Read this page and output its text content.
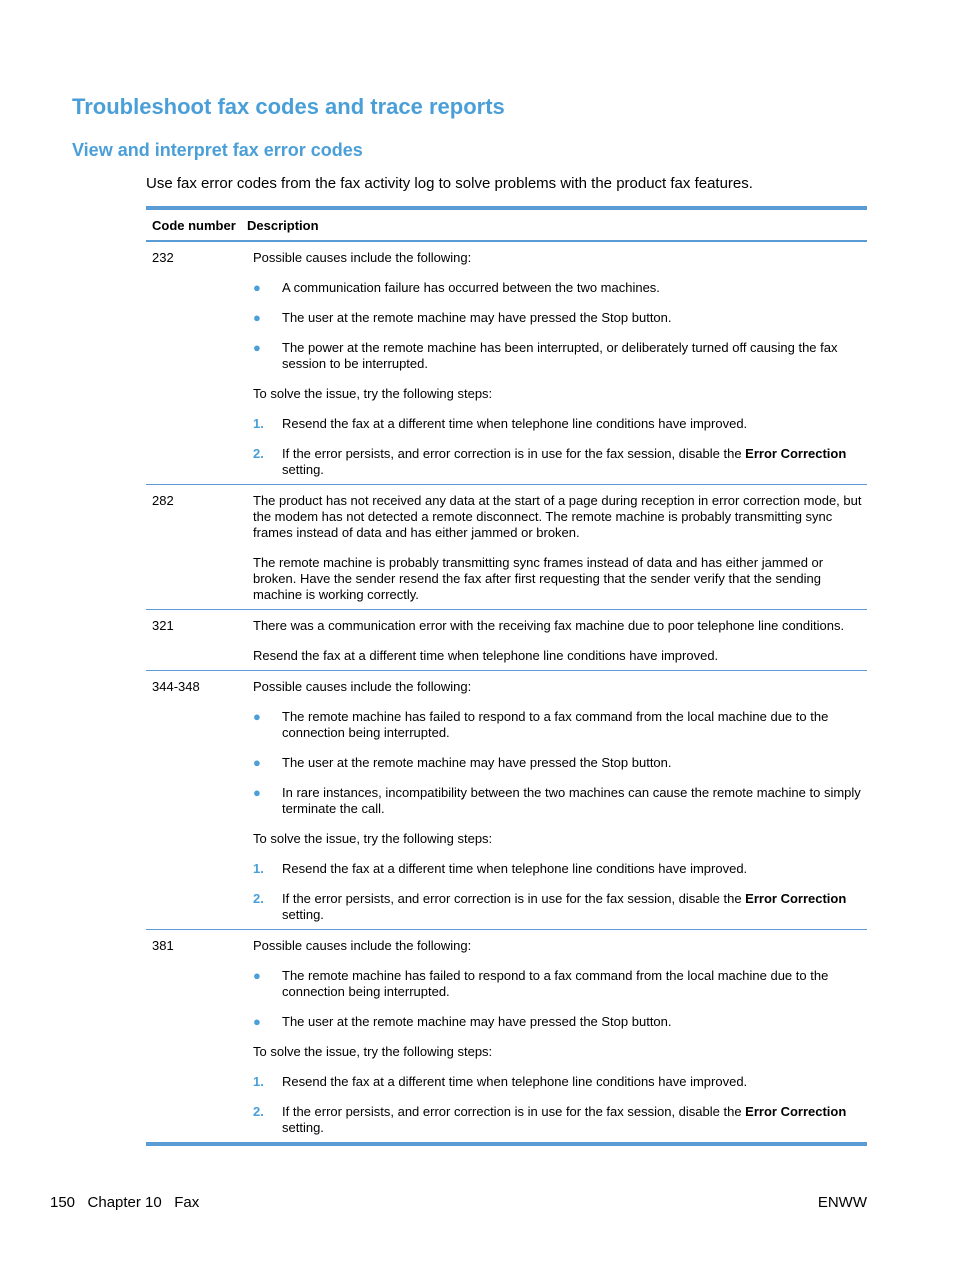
Troubleshoot fax codes and trace reports
View and interpret fax error codes

Use fax error codes from the fax activity log to solve problems with the product fax features.

Code number Description
232	Possible causes include the following:

●	A communication failure has occurred between the two machines.
●	The user at the remote machine may have pressed the Stop button.
●	The power at the remote machine has been interrupted, or deliberately turned off causing the fax session to be interrupted.

To solve the issue, try the following steps:

1.	Resend the fax at a different time when telephone line conditions have improved.
2.	If the error persists, and error correction is in use for the fax session, disable the Error Correction setting.
282	The product has not received any data at the start of a page during reception in error correction mode, but the modem has not detected a remote disconnect. The remote machine is probably transmitting sync frames instead of data and has either jammed or broken.

The remote machine is probably transmitting sync frames instead of data and has either jammed or broken. Have the sender resend the fax after first requesting that the sender verify that the sending machine is working correctly.

321	There was a communication error with the receiving fax machine due to poor telephone line conditions.

Resend the fax at a different time when telephone line conditions have improved.

344-348	Possible causes include the following:

●	The remote machine has failed to respond to a fax command from the local machine due to the connection being interrupted.
●	The user at the remote machine may have pressed the Stop button.
●	In rare instances, incompatibility between the two machines can cause the remote machine to simply terminate the call.

To solve the issue, try the following steps:

1.	Resend the fax at a different time when telephone line conditions have improved.
2.	If the error persists, and error correction is in use for the fax session, disable the Error Correction setting.
381	Possible causes include the following:

●	The remote machine has failed to respond to a fax command from the local machine due to the connection being interrupted.
●	The user at the remote machine may have pressed the Stop button.

To solve the issue, try the following steps:

1.	Resend the fax at a different time when telephone line conditions have improved.
2.	If the error persists, and error correction is in use for the fax session, disable the Error Correction setting.
150   Chapter 10   Fax	ENWW
